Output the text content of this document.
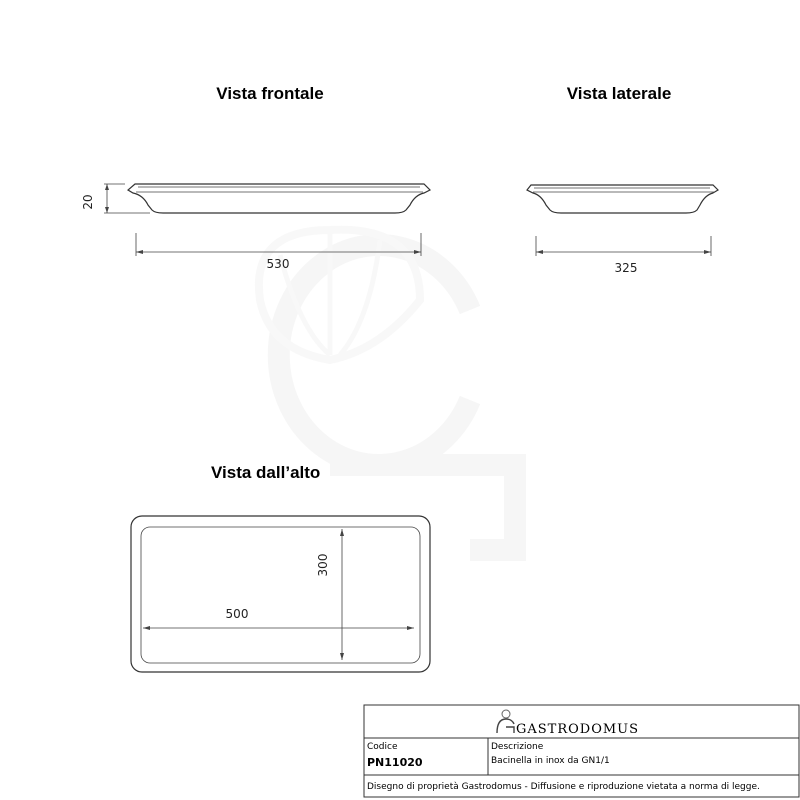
Vista frontale	Vista laterale
Vista dall’alto
20
530	325
500
300
GASTRODOMUS
Codice
PN11020
Descrizione
Bacinella in inox da GN1/1
Disegno di proprietà Gastrodomus - Diffusione e riproduzione vietata a norma di legge.
